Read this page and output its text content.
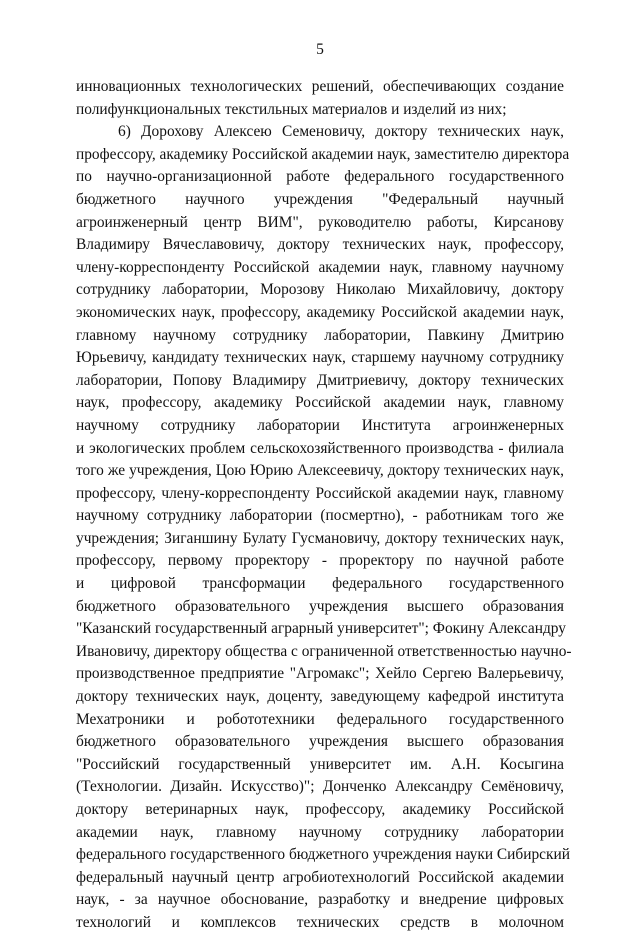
5
инновационных технологических решений, обеспечивающих создание
полифункциональных текстильных материалов и изделий из них;
6) Дорохову Алексею Семеновичу, доктору технических наук,
профессору, академику Российской академии наук, заместителю директора
по научно-организационной работе федерального государственного
бюджетного научного учреждения "Федеральный научный
агроинженерный центр ВИМ", руководителю работы, Кирсанову
Владимиру Вячеславовичу, доктору технических наук, профессору,
члену-корреспонденту Российской академии наук, главному научному
сотруднику лаборатории, Морозову Николаю Михайловичу, доктору
экономических наук, профессору, академику Российской академии наук,
главному научному сотруднику лаборатории, Павкину Дмитрию
Юрьевичу, кандидату технических наук, старшему научному сотруднику
лаборатории, Попову Владимиру Дмитриевичу, доктору технических
наук, профессору, академику Российской академии наук, главному
научному сотруднику лаборатории Института агроинженерных
и экологических проблем сельскохозяйственного производства - филиала
того же учреждения, Цою Юрию Алексеевичу, доктору технических наук,
профессору, члену-корреспонденту Российской академии наук, главному
научному сотруднику лаборатории (посмертно), - работникам того же
учреждения; Зиганшину Булату Гусмановичу, доктору технических наук,
профессору, первому проректору - проректору по научной работе
и цифровой трансформации федерального государственного
бюджетного образовательного учреждения высшего образования
"Казанский государственный аграрный университет"; Фокину Александру
Ивановичу, директору общества с ограниченной ответственностью научно-
производственное предприятие "Агромакс"; Хейло Сергею Валерьевичу,
доктору технических наук, доценту, заведующему кафедрой института
Мехатроники и робототехники федерального государственного
бюджетного образовательного учреждения высшего образования
"Российский государственный университет им. А.Н. Косыгина
(Технологии. Дизайн. Искусство)"; Донченко Александру Семёновичу,
доктору ветеринарных наук, профессору, академику Российской
академии наук, главному научному сотруднику лаборатории
федерального государственного бюджетного учреждения науки Сибирский
федеральный научный центр агробиотехнологий Российской академии
наук, - за научное обоснование, разработку и внедрение цифровых
технологий и комплексов технических средств в молочном
